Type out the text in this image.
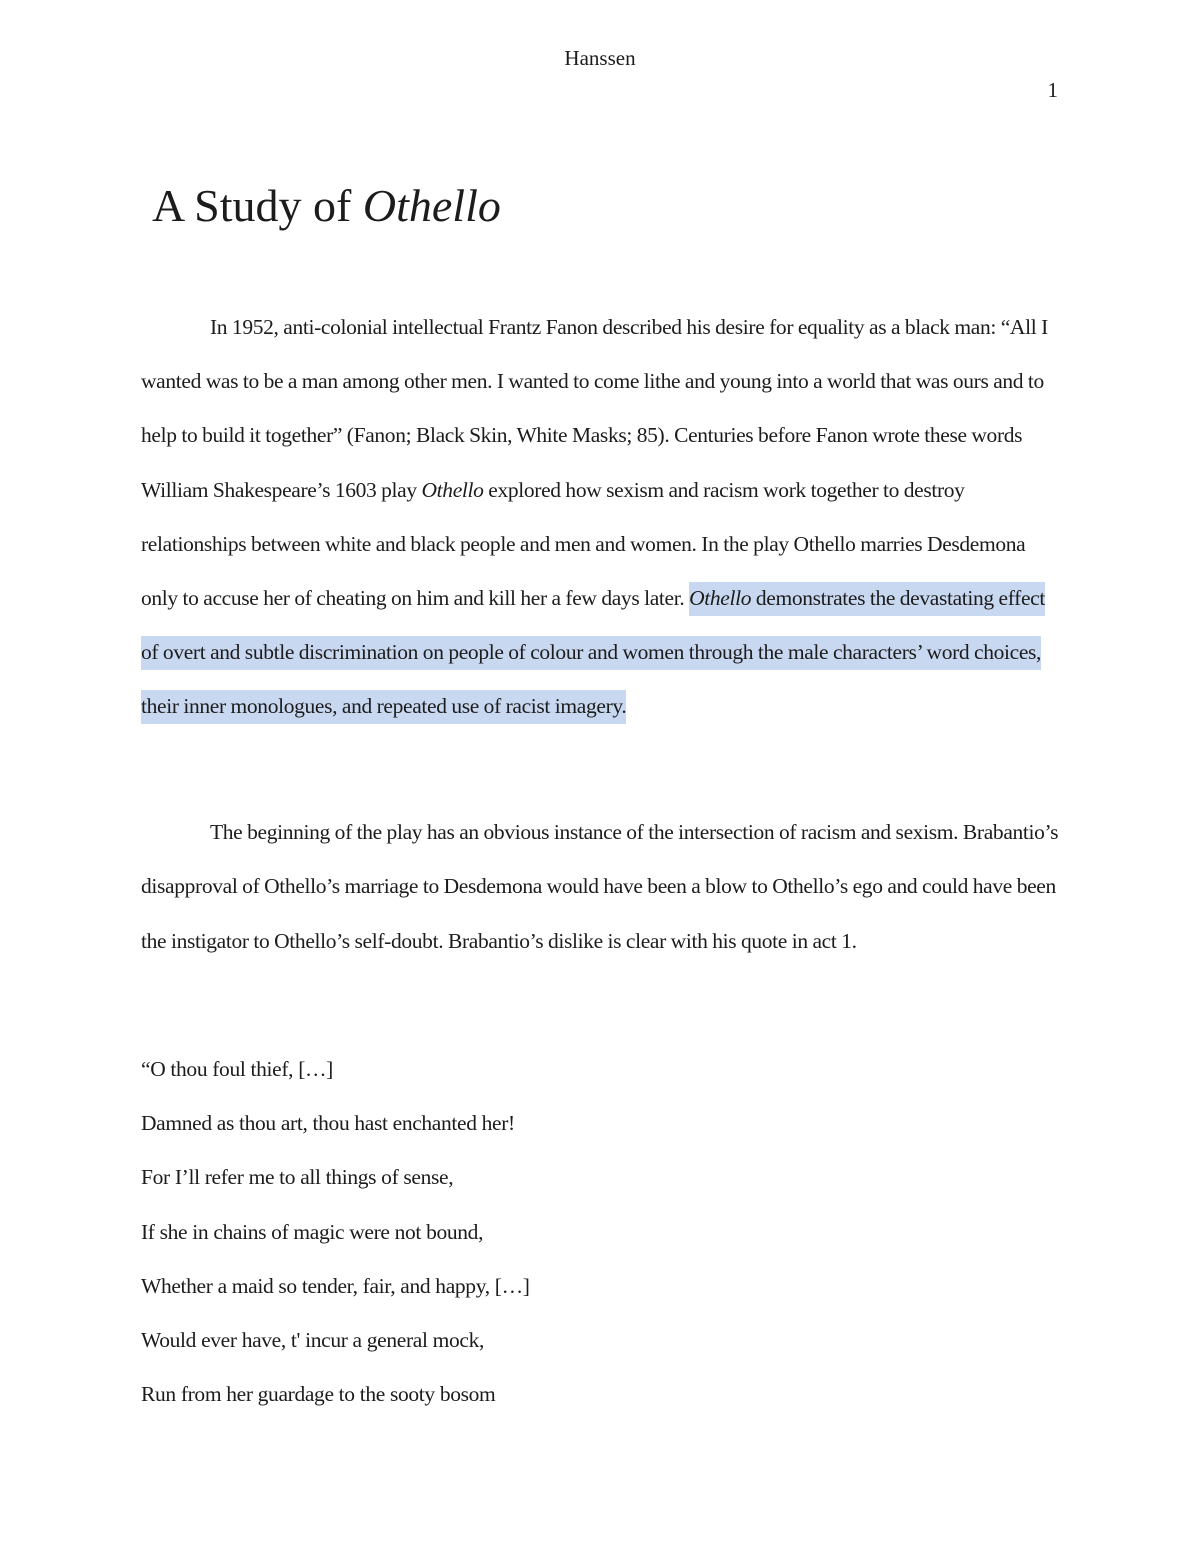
Hanssen
1
A Study of Othello
In 1952, anti-colonial intellectual Frantz Fanon described his desire for equality as a black man: “All I wanted was to be a man among other men. I wanted to come lithe and young into a world that was ours and to help to build it together” (Fanon; Black Skin, White Masks; 85). Centuries before Fanon wrote these words William Shakespeare’s 1603 play Othello explored how sexism and racism work together to destroy relationships between white and black people and men and women. In the play Othello marries Desdemona only to accuse her of cheating on him and kill her a few days later. Othello demonstrates the devastating effect of overt and subtle discrimination on people of colour and women through the male characters’ word choices, their inner monologues, and repeated use of racist imagery.
The beginning of the play has an obvious instance of the intersection of racism and sexism. Brabantio’s disapproval of Othello’s marriage to Desdemona would have been a blow to Othello’s ego and could have been the instigator to Othello’s self-doubt. Brabantio’s dislike is clear with his quote in act 1.
“O thou foul thief, […]
Damned as thou art, thou hast enchanted her!
For I’ll refer me to all things of sense,
If she in chains of magic were not bound,
Whether a maid so tender, fair, and happy, […]
Would ever have, t' incur a general mock,
Run from her guardage to the sooty bosom
